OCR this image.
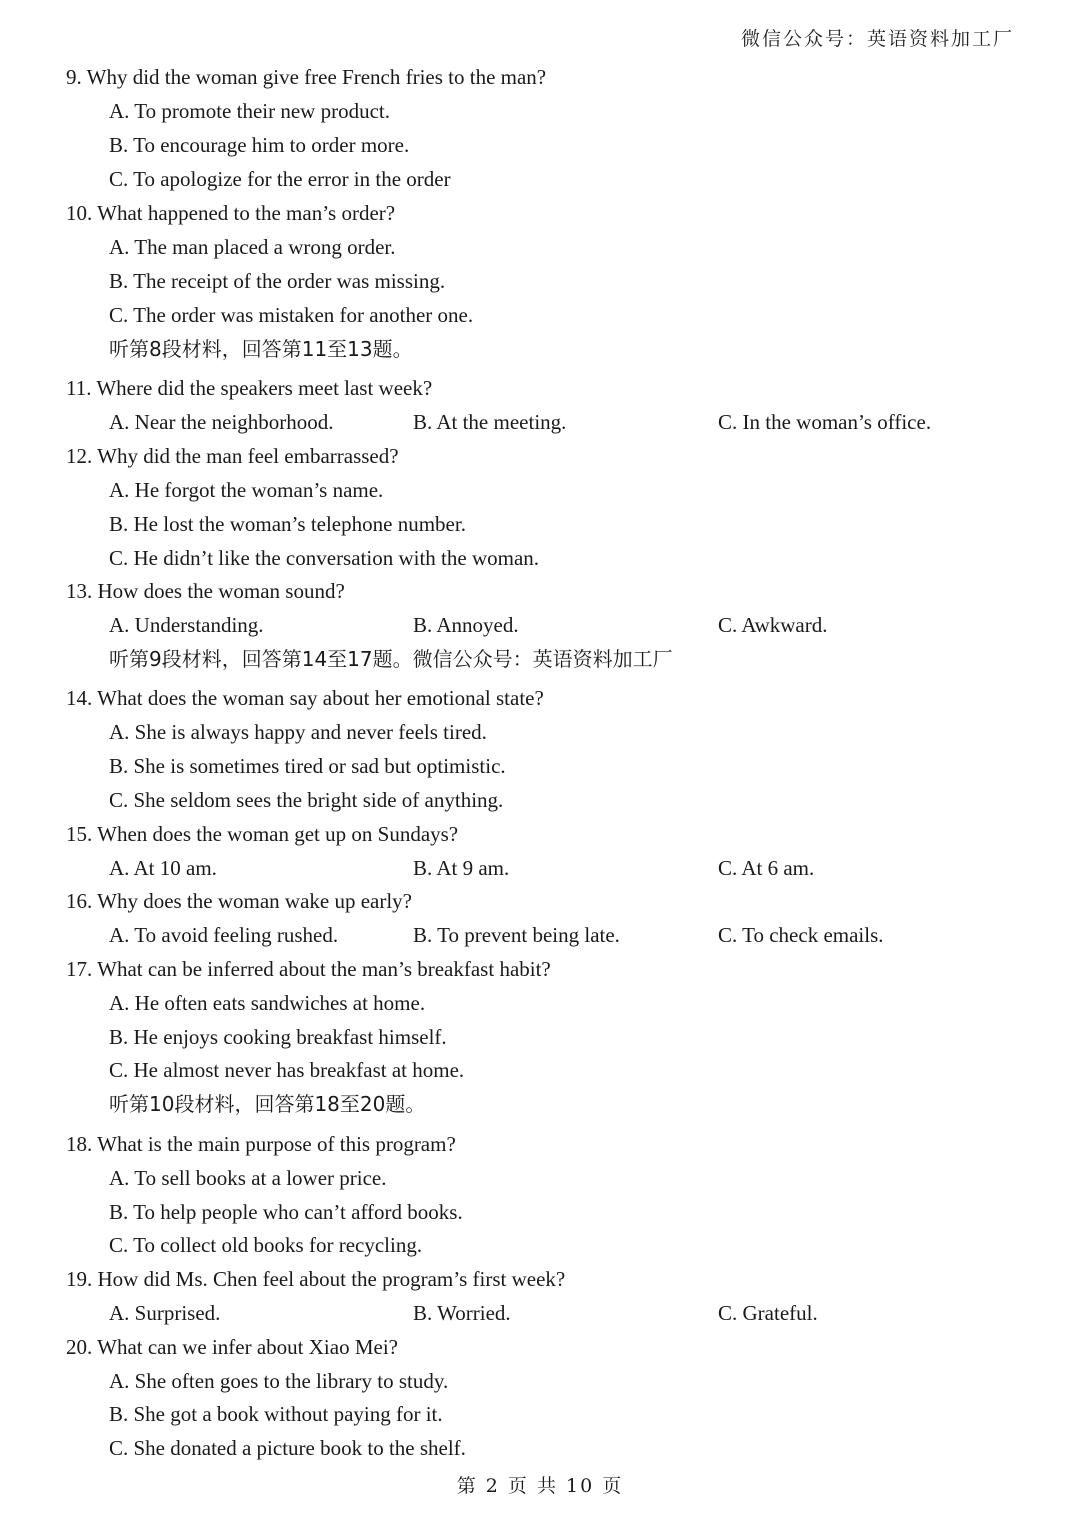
微信公众号：英语资料加工厂
9. Why did the woman give free French fries to the man?
A. To promote their new product.
B. To encourage him to order more.
C. To apologize for the error in the order
10. What happened to the man’s order?
A. The man placed a wrong order.
B. The receipt of the order was missing.
C. The order was mistaken for another one.
听第8段材料，回答第11至13题。
11. Where did the speakers meet last week?
A. Near the neighborhood.	B. At the meeting.	C. In the woman’s office.
12. Why did the man feel embarrassed?
A. He forgot the woman’s name.
B. He lost the woman’s telephone number.
C. He didn’t like the conversation with the woman.
13. How does the woman sound?
A. Understanding.	B. Annoyed.	C. Awkward.
听第9段材料，回答第14至17题。微信公众号：英语资料加工厂
14. What does the woman say about her emotional state?
A. She is always happy and never feels tired.
B. She is sometimes tired or sad but optimistic.
C. She seldom sees the bright side of anything.
15. When does the woman get up on Sundays?
A. At 10 am.	B. At 9 am.	C. At 6 am.
16. Why does the woman wake up early?
A. To avoid feeling rushed.	B. To prevent being late.	C. To check emails.
17. What can be inferred about the man’s breakfast habit?
A. He often eats sandwiches at home.
B. He enjoys cooking breakfast himself.
C. He almost never has breakfast at home.
听第10段材料，回答第18至20题。
18. What is the main purpose of this program?
A. To sell books at a lower price.
B. To help people who can’t afford books.
C. To collect old books for recycling.
19. How did Ms. Chen feel about the program’s first week?
A. Surprised.	B. Worried.	C. Grateful.
20. What can we infer about Xiao Mei?
A. She often goes to the library to study.
B. She got a book without paying for it.
C. She donated a picture book to the shelf.
第 2 页 共 10 页
